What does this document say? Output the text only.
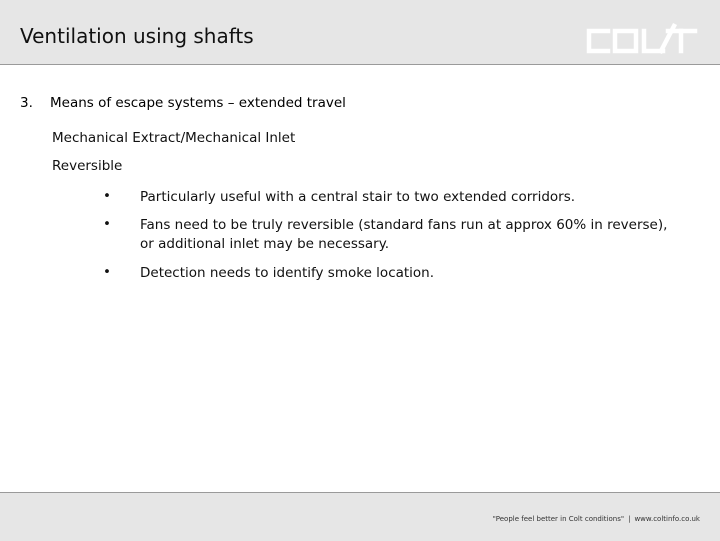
Ventilation using shafts
3. Means of escape systems – extended travel
Mechanical Extract/Mechanical Inlet
Reversible
• Particularly useful with a central stair to two extended corridors.
• Fans need to be truly reversible (standard fans run at approx 60% in reverse), or additional inlet may be necessary.
• Detection needs to identify smoke location.
"People feel better in Colt conditions" | www.coltinfo.co.uk
